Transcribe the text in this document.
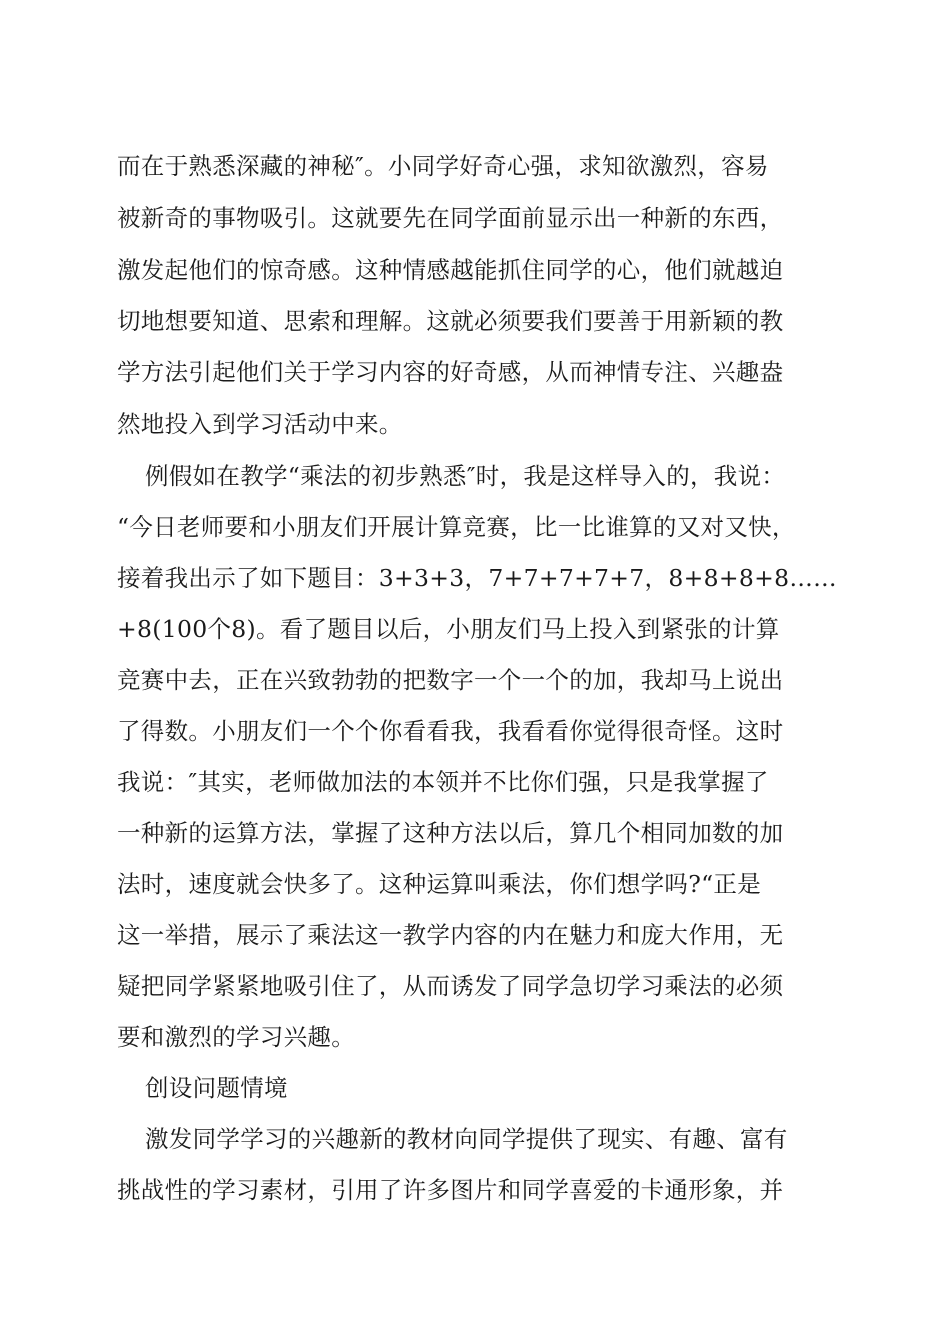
而在于熟悉深藏的神秘″。小同学好奇心强，求知欲激烈，容易

被新奇的事物吸引。这就要先在同学面前显示出一种新的东西，

激发起他们的惊奇感。这种情感越能抓住同学的心，他们就越迫

切地想要知道、思索和理解。这就必须要我们要善于用新颖的教

学方法引起他们关于学习内容的好奇感，从而神情专注、兴趣盎

然地投入到学习活动中来。

例假如在教学“乘法的初步熟悉″时，我是这样导入的，我说：

“今日老师要和小朋友们开展计算竞赛，比一比谁算的又对又快，

接着我出示了如下题目：3+3+3，7+7+7+7+7，8+8+8+8……

+8(100个8)。看了题目以后，小朋友们马上投入到紧张的计算

竞赛中去，正在兴致勃勃的把数字一个一个的加，我却马上说出

了得数。小朋友们一个个你看看我，我看看你觉得很奇怪。这时

我说：″其实，老师做加法的本领并不比你们强，只是我掌握了

一种新的运算方法，掌握了这种方法以后，算几个相同加数的加

法时，速度就会快多了。这种运算叫乘法，你们想学吗?“正是

这一举措，展示了乘法这一教学内容的内在魅力和庞大作用，无

疑把同学紧紧地吸引住了，从而诱发了同学急切学习乘法的必须

要和激烈的学习兴趣。

创设问题情境

激发同学学习的兴趣新的教材向同学提供了现实、有趣、富有

挑战性的学习素材，引用了许多图片和同学喜爱的卡通形象，并
